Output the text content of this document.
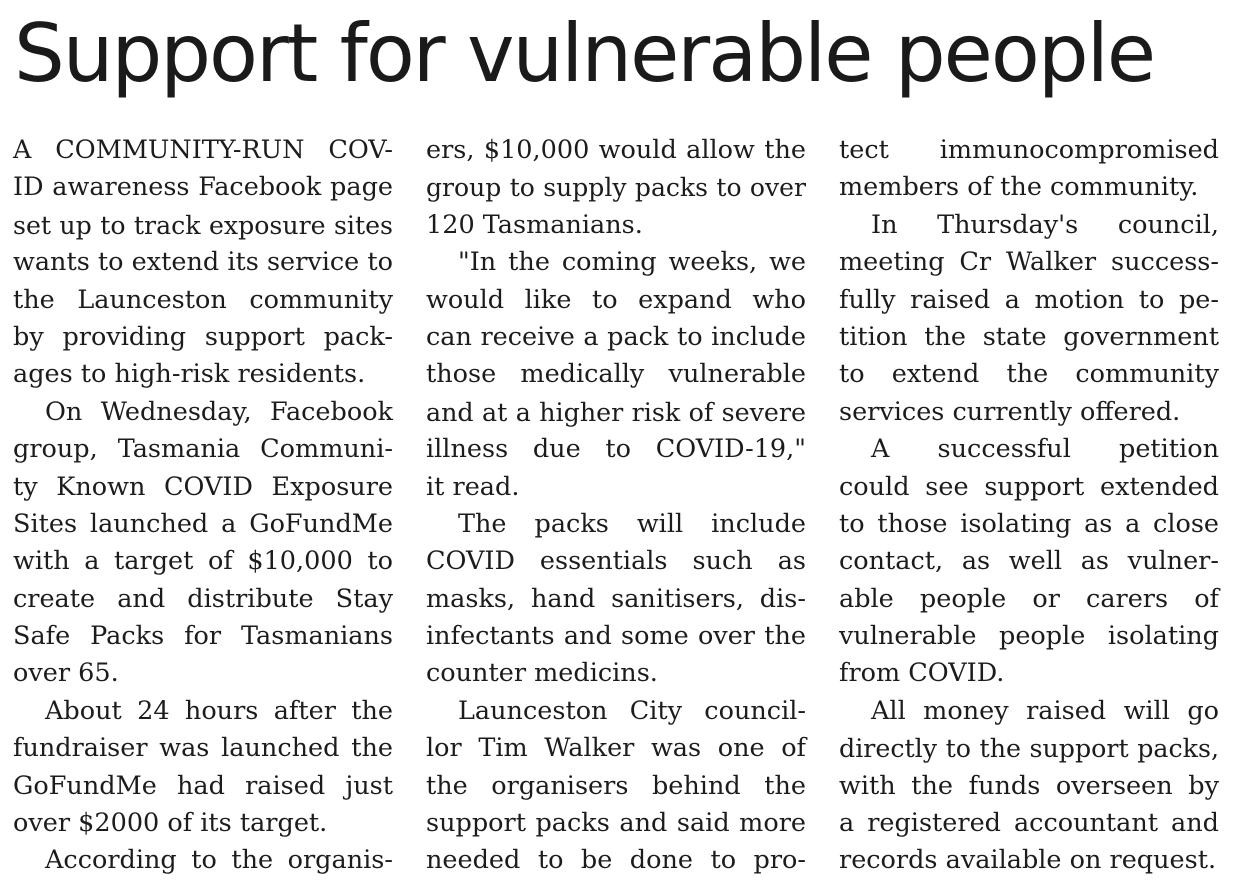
Support for vulnerable people
A COMMUNITY-RUN COV-
ID awareness Facebook page
set up to track exposure sites
wants to extend its service to
the Launceston community
by providing support pack-
ages to high-risk residents.
On Wednesday, Facebook
group, Tasmania Communi-
ty Known COVID Exposure
Sites launched a GoFundMe
with a target of $10,000 to
create and distribute Stay
Safe Packs for Tasmanians
over 65.
About 24 hours after the
fundraiser was launched the
GoFundMe had raised just
over $2000 of its target.
According to the organis-
ers, $10,000 would allow the
group to supply packs to over
120 Tasmanians.
"In the coming weeks, we
would like to expand who
can receive a pack to include
those medically vulnerable
and at a higher risk of severe
illness due to COVID-19,"
it read.
The packs will include
COVID essentials such as
masks, hand sanitisers, dis-
infectants and some over the
counter medicins.
Launceston City council-
lor Tim Walker was one of
the organisers behind the
support packs and said more
needed to be done to pro-
tect immunocompromised
members of the community.
In Thursday's council,
meeting Cr Walker success-
fully raised a motion to pe-
tition the state government
to extend the community
services currently offered.
A successful petition
could see support extended
to those isolating as a close
contact, as well as vulner-
able people or carers of
vulnerable people isolating
from COVID.
All money raised will go
directly to the support packs,
with the funds overseen by
a registered accountant and
records available on request.
